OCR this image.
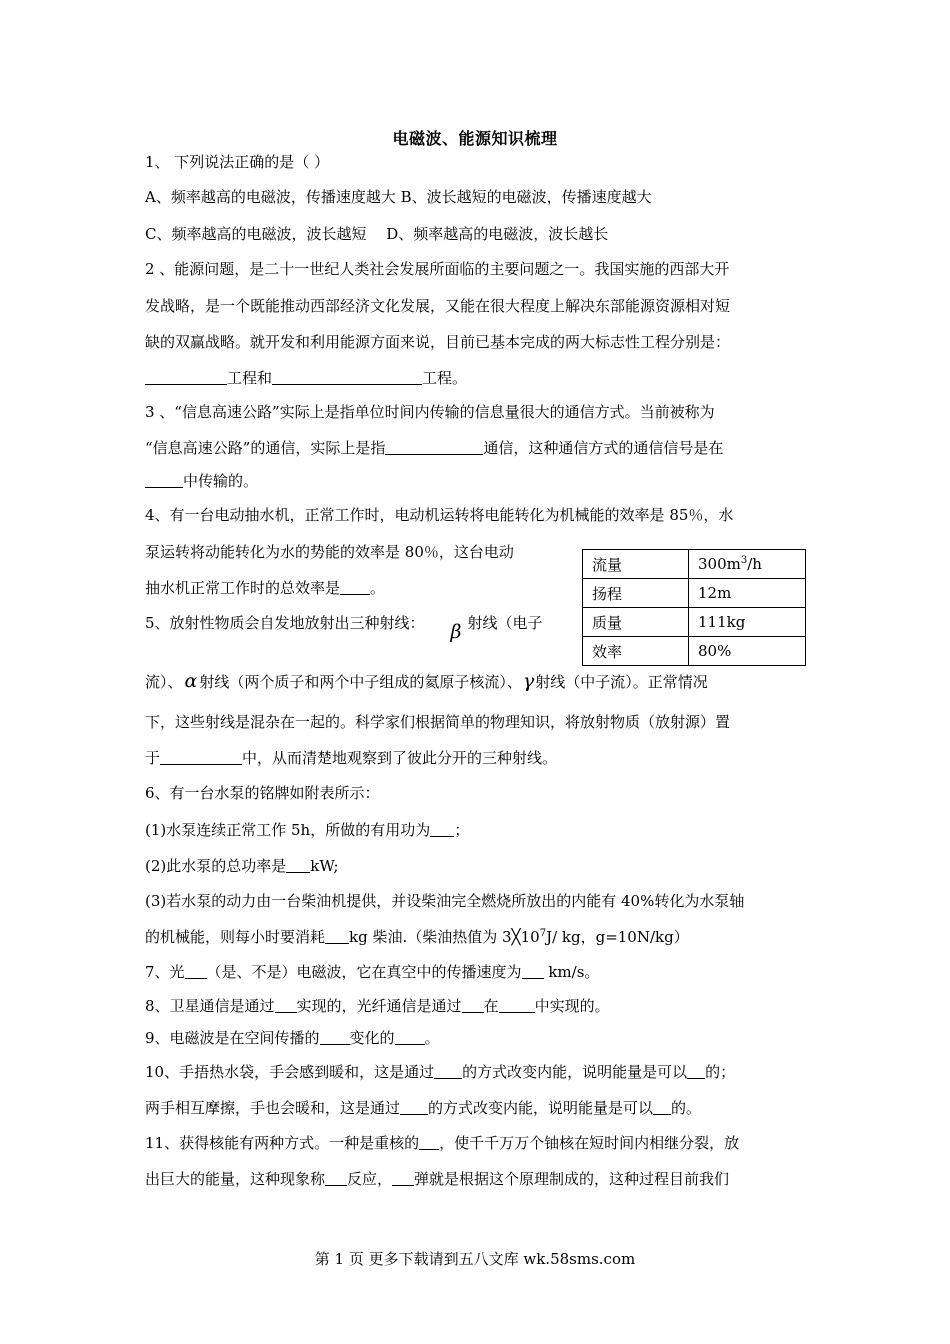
电磁波、能源知识梳理
1、 下列说法正确的是（ ）
A、频率越高的电磁波，传播速度越大 B、波长越短的电磁波，传播速度越大
C、频率越高的电磁波，波长越短　 D、频率越高的电磁波，波长越长
2 、能源问题，是二十一世纪人类社会发展所面临的主要问题之一。我国实施的西部大开
发战略，是一个既能推动西部经济文化发展，又能在很大程度上解决东部能源资源相对短
缺的双赢战略。就开发和利用能源方面来说，目前已基本完成的两大标志性工程分别是：
工程和	工程。
3 、“信息高速公路”实际上是指单位时间内传输的信息量很大的通信方式。当前被称为
“信息高速公路”的通信，实际上是指	通信，这种通信方式的通信信号是在
中传输的。
4、有一台电动抽水机，正常工作时，电动机运转将电能转化为机械能的效率是 85％，水
泵运转将动能转化为水的势能的效率是 80％，这台电动
抽水机正常工作时的总效率是 。
流量	$300m^3/h$
扬程	12m
质量	111kg
效率	80%
5、放射性物质会自发地放射出三种射线： β 射线（电子
流）、 α 射线（两个质子和两个中子组成的氦原子核流）、γ射线（中子流）。正常情况
下，这些射线是混杂在一起的。科学家们根据简单的物理知识，将放射物质（放射源）置
于	中，从而清楚地观察到了彼此分开的三种射线。
6、有一台水泵的铭牌如附表所示：
(1)水泵连续正常工作 5h，所做的有用功为 ；
(2)此水泵的总功率是 kW;
(3)若水泵的动力由一台柴油机提供，并设柴油完全燃烧所放出的内能有 40%转化为水泵轴
的机械能，则每小时要消耗 kg 柴油.（柴油热值为 $3╳10^7J/$ kg，g=10N/kg）
7、光 （是、不是）电磁波，它在真空中的传播速度为 km/s。
8、卫星通信是通过 实现的，光纤通信是通过 在 中实现的。
9、电磁波是在空间传播的 变化的 。
10、手捂热水袋，手会感到暖和，这是通过 的方式改变内能，说明能量是可以 的；
两手相互摩擦，手也会暖和，这是通过 的方式改变内能，说明能量是可以 的。
11、获得核能有两种方式。一种是重核的 ，使千千万万个铀核在短时间内相继分裂，放
出巨大的能量，这种现象称 反应， 弹就是根据这个原理制成的，这种过程目前我们
第 1 页 更多下载请到五八文库 wk.58sms.com
